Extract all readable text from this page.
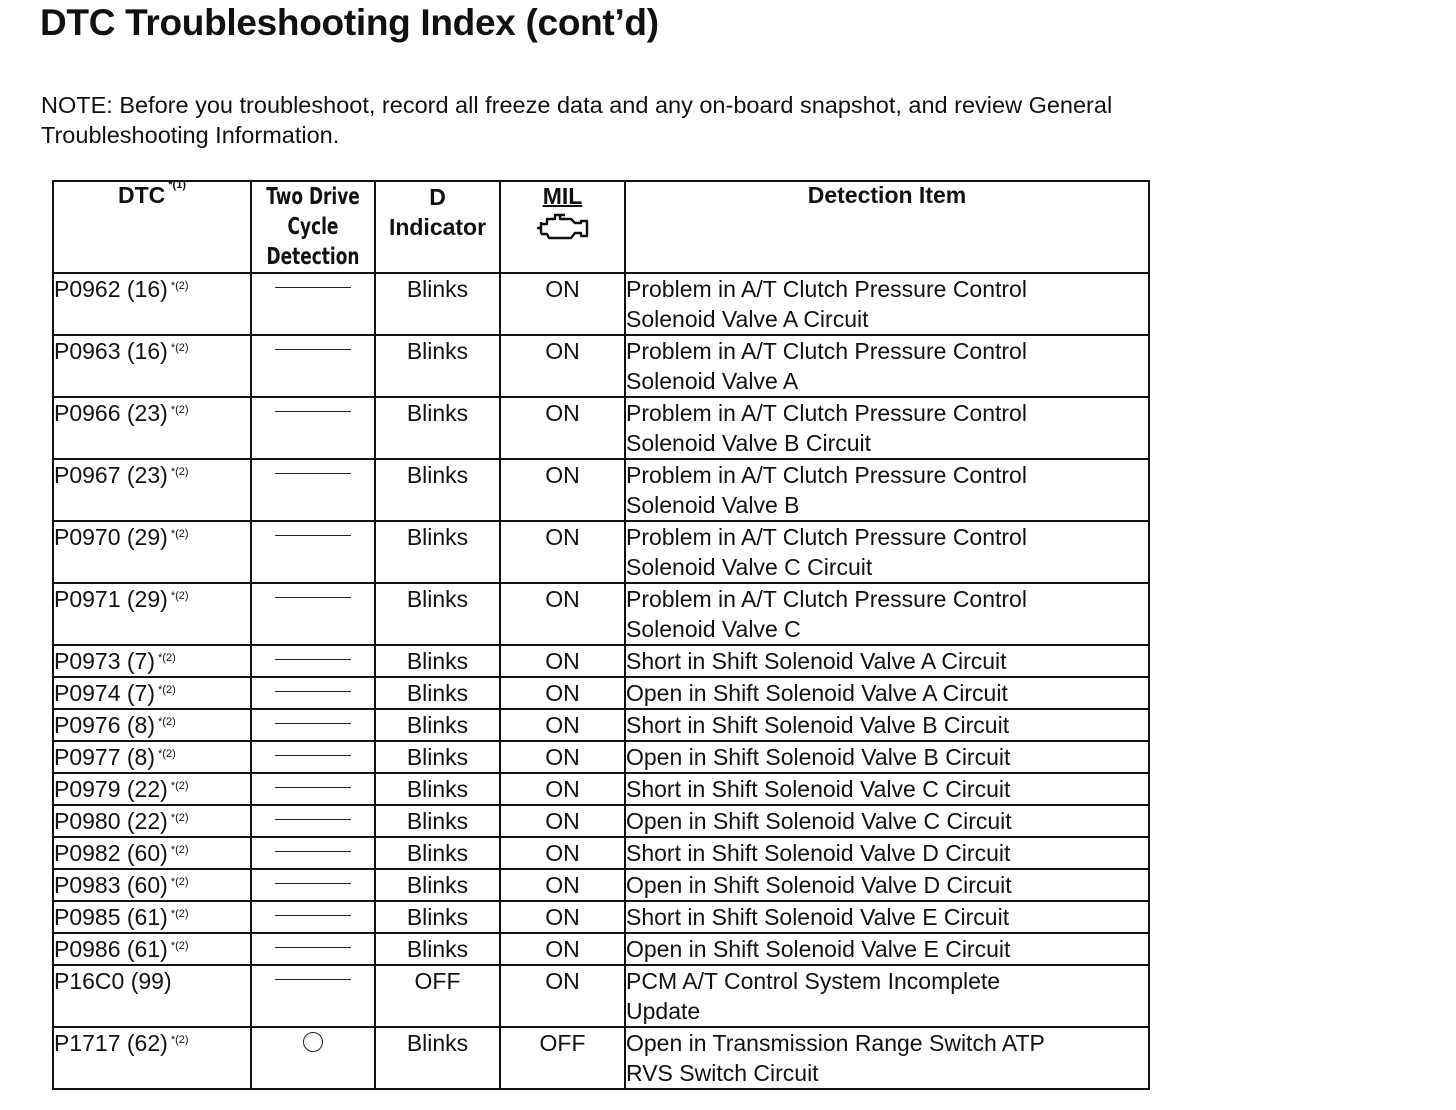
DTC Troubleshooting Index (cont’d)

NOTE: Before you troubleshoot, record all freeze data and any on-board snapshot, and review General Troubleshooting Information.

DTC $^{*(1)}$	Two Drive
Cycle
Detection	D
Indicator	MIL	Detection Item
P0962 (16) $^{*(2)}$		Blinks	ON	Problem in A/T Clutch Pressure Control
Solenoid Valve A Circuit

P0963 (16) $^{*(2)}$		Blinks	ON	Problem in A/T Clutch Pressure Control
Solenoid Valve A

P0966 (23) $^{*(2)}$		Blinks	ON	Problem in A/T Clutch Pressure Control
Solenoid Valve B Circuit

P0967 (23) $^{*(2)}$		Blinks	ON	Problem in A/T Clutch Pressure Control
Solenoid Valve B

P0970 (29) $^{*(2)}$		Blinks	ON	Problem in A/T Clutch Pressure Control
Solenoid Valve C Circuit

P0971 (29) $^{*(2)}$		Blinks	ON	Problem in A/T Clutch Pressure Control
Solenoid Valve C

P0973 (7) $^{*(2)}$		Blinks	ON	Short in Shift Solenoid Valve A Circuit

P0974 (7) $^{*(2)}$		Blinks	ON	Open in Shift Solenoid Valve A Circuit

P0976 (8) $^{*(2)}$		Blinks	ON	Short in Shift Solenoid Valve B Circuit

P0977 (8) $^{*(2)}$		Blinks	ON	Open in Shift Solenoid Valve B Circuit

P0979 (22) $^{*(2)}$		Blinks	ON	Short in Shift Solenoid Valve C Circuit

P0980 (22) $^{*(2)}$		Blinks	ON	Open in Shift Solenoid Valve C Circuit

P0982 (60) $^{*(2)}$		Blinks	ON	Short in Shift Solenoid Valve D Circuit

P0983 (60) $^{*(2)}$		Blinks	ON	Open in Shift Solenoid Valve D Circuit

P0985 (61) $^{*(2)}$		Blinks	ON	Short in Shift Solenoid Valve E Circuit

P0986 (61) $^{*(2)}$		Blinks	ON	Open in Shift Solenoid Valve E Circuit

P16C0 (99)		OFF	ON	PCM A/T Control System Incomplete
Update

P1717 (62) $^{*(2)}$		Blinks	OFF	Open in Transmission Range Switch ATP
RVS Switch Circuit
